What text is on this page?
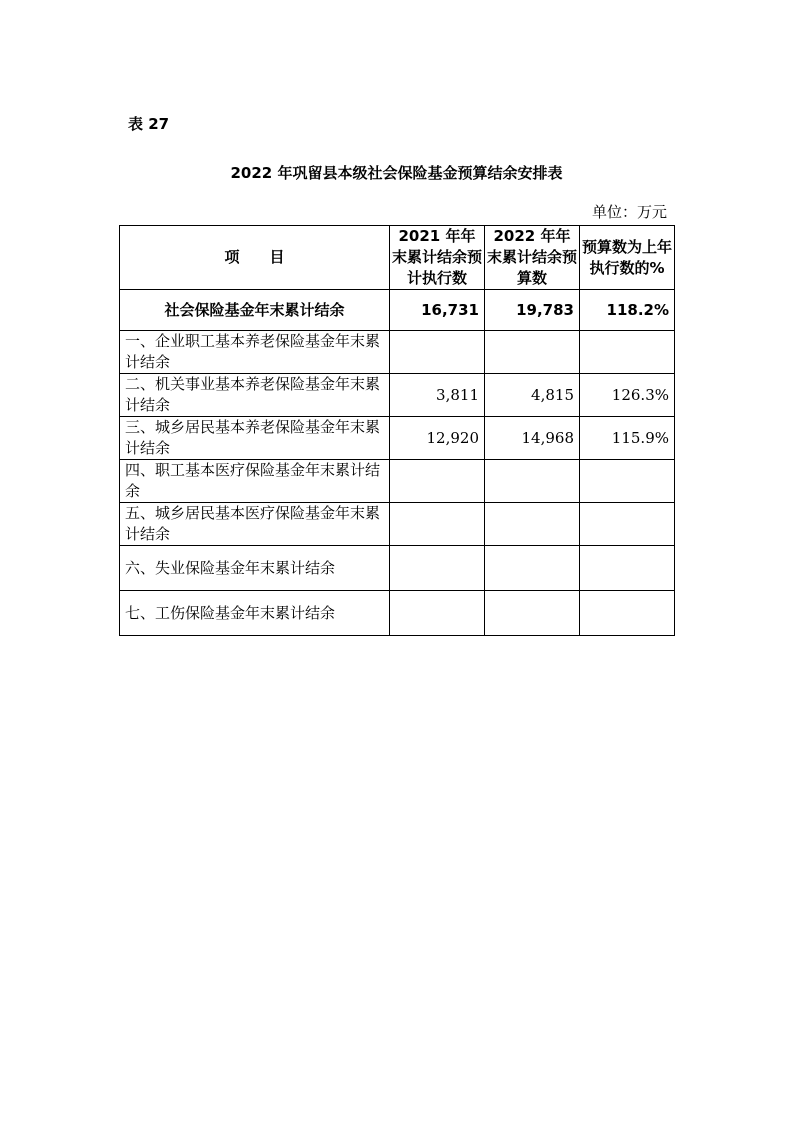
表 27
2022 年巩留县本级社会保险基金预算结余安排表
单位：万元
项　　目	2021 年年末累计结余预计执行数	2022 年年末累计结余预算数	预算数为上年执行数的%
社会保险基金年末累计结余	16,731	19,783	118.2%
一、企业职工基本养老保险基金年末累计结余			
二、机关事业基本养老保险基金年末累计结余	3,811	4,815	126.3%
三、城乡居民基本养老保险基金年末累计结余	12,920	14,968	115.9%
四、职工基本医疗保险基金年末累计结余			
五、城乡居民基本医疗保险基金年末累计结余			
六、失业保险基金年末累计结余			
七、工伤保险基金年末累计结余			
